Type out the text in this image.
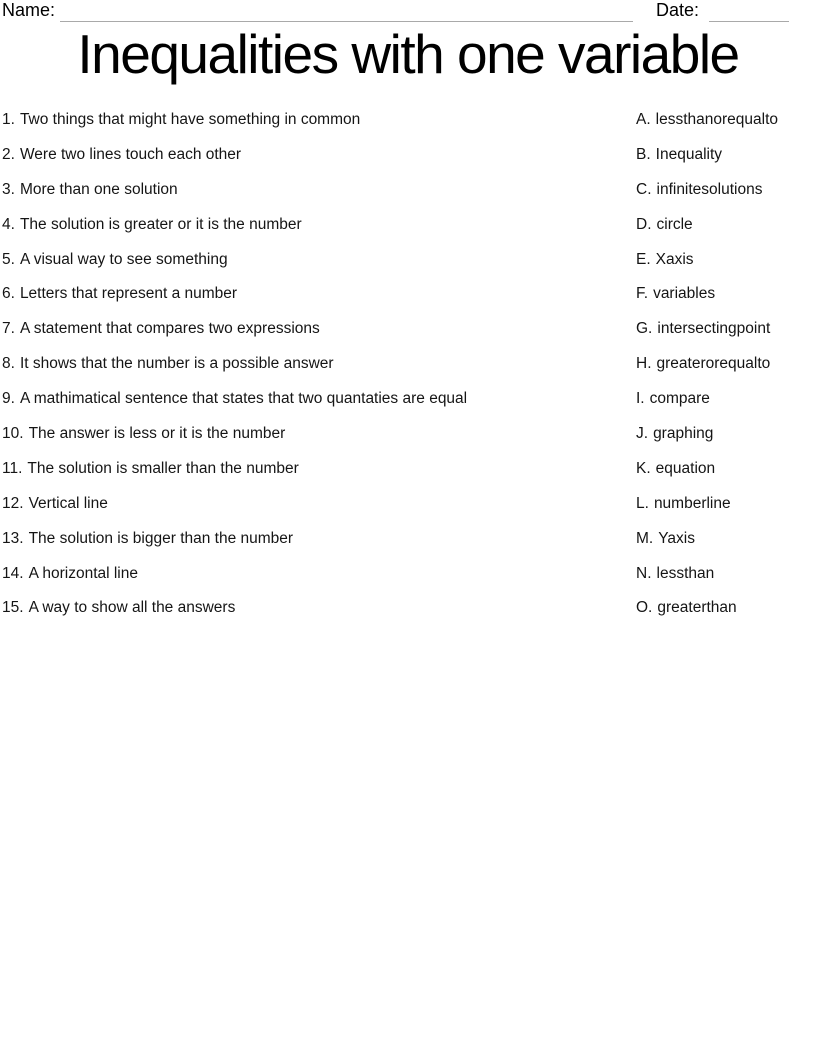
Name:	Date:
Inequalities with one variable
1. Two things that might have something in common
2. Were two lines touch each other
3. More than one solution
4. The solution is greater or it is the number
5. A visual way to see something
6. Letters that represent a number
7. A statement that compares two expressions
8. It shows that the number is a possible answer
9. A mathimatical sentence that states that two quantaties are equal
10. The answer is less or it is the number
11. The solution is smaller than the number
12. Vertical line
13. The solution is bigger than the number
14. A horizontal line
15. A way to show all the answers
A. lessthanorequalto
B. Inequality
C. infinitesolutions
D. circle
E. Xaxis
F. variables
G. intersectingpoint
H. greaterorequalto
I. compare
J. graphing
K. equation
L. numberline
M. Yaxis
N. lessthan
O. greaterthan
